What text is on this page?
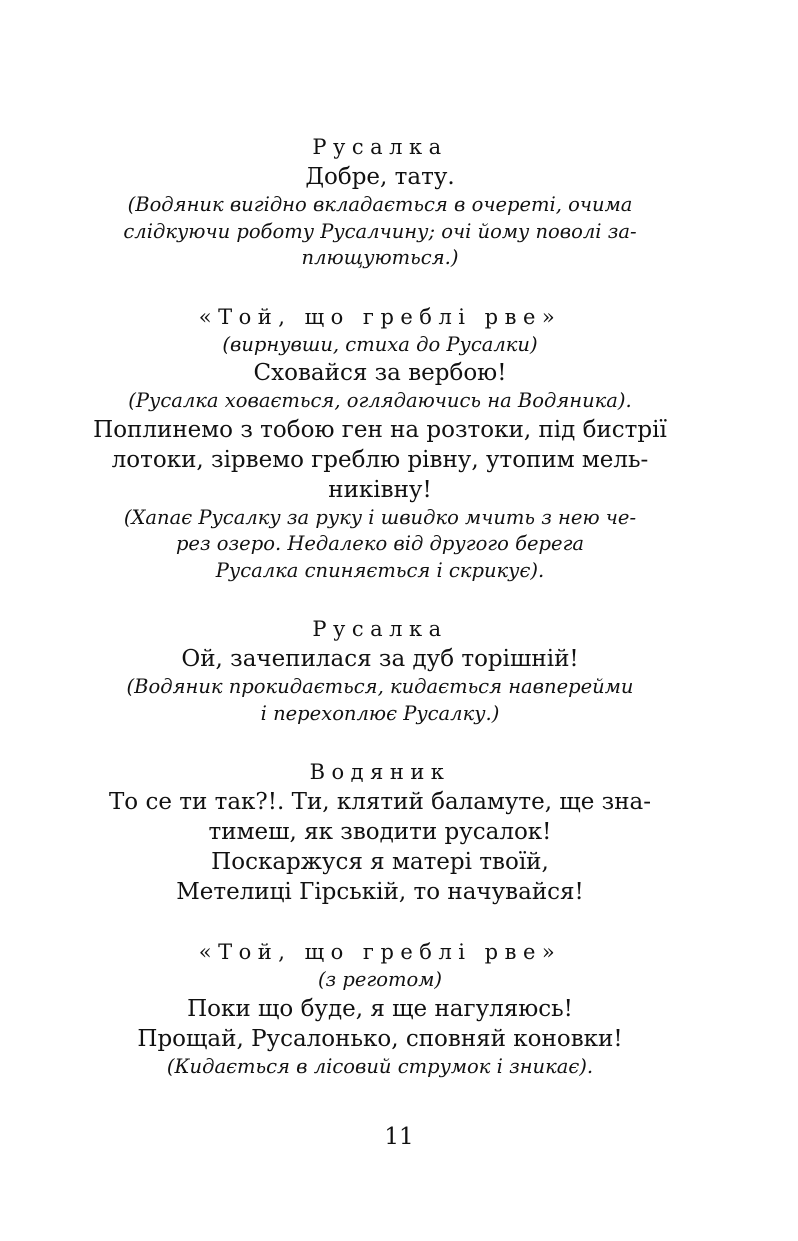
Русалка
Добре, тату.
(Водяник вигідно вкладається в очереті, очима
слідкуючи роботу Русалчину; очі йому поволі за-
плющуються.)
«Той, що греблі рве»
(вирнувши, стиха до Русалки)
Сховайся за вербою!
(Русалка ховається, оглядаючись на Водяника).
Поплинемо з тобою ген на розтоки, під бистрії
лотоки, зірвемо греблю рівну, утопим мель-
никівну!
(Хапає Русалку за руку і швидко мчить з нею че-
рез озеро. Недалеко від другого берега
Русалка спиняється і скрикує).
Русалка
Ой, зачепилася за дуб торішній!
(Водяник прокидається, кидається навперейми
і перехоплює Русалку.)
Водяник
То се ти так?!. Ти, клятий баламуте, ще зна-
тимеш, як зводити русалок!
Поскаржуся я матері твоїй,
Метелиці Гірській, то начувайся!
«Той, що греблі рве»
(з реготом)
Поки що буде, я ще нагуляюсь!
Прощай, Русалонько, сповняй коновки!
(Кидається в лісовий струмок і зникає).
11
